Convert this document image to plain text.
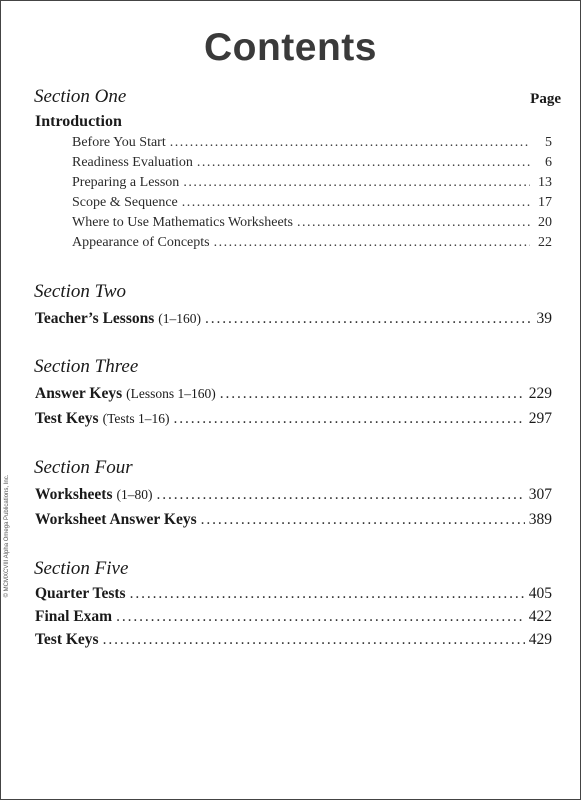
Contents
Page
Section One
Introduction
Before You Start . . .	5
Readiness Evaluation . . .	6
Preparing a Lesson . . .	13
Scope & Sequence . . .	17
Where to Use Mathematics Worksheets . . .	20
Appearance of Concepts . . .	22
Section Two
Teacher’s Lessons (1–160) . . .	39
Section Three
Answer Keys (Lessons 1–160) . . .	229
Test Keys (Tests 1–16) . . .	297
Section Four
Worksheets (1–80) . . .	307
Worksheet Answer Keys . . .	389
Section Five
Quarter Tests . . .	405
Final Exam . . .	422
Test Keys . . .	429
© MCMXCVIII Alpha Omega Publications, Inc.
